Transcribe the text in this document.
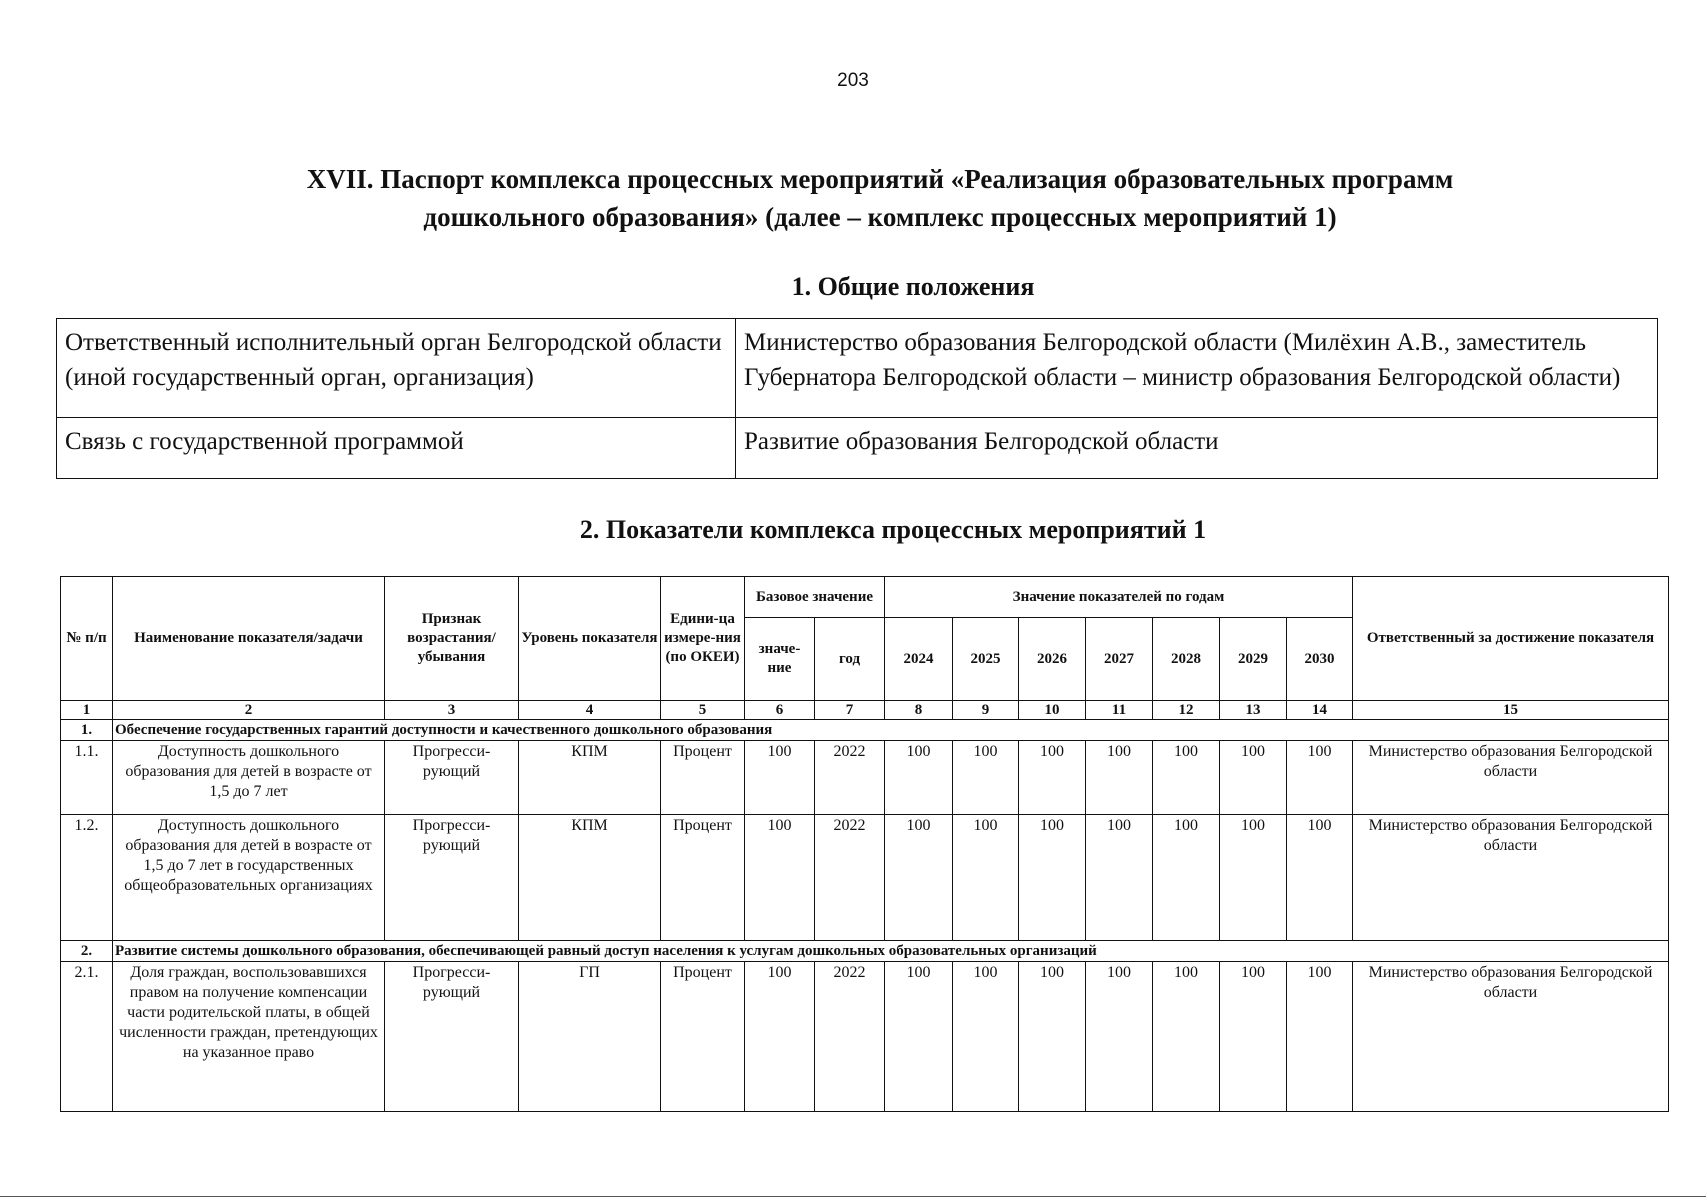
203
XVII. Паспорт комплекса процессных мероприятий «Реализация образовательных программ
дошкольного образования» (далее – комплекс процессных мероприятий 1)
1. Общие положения
Ответственный исполнительный орган Белгородской области (иной государственный орган, организация)	Министерство образования Белгородской области (Милёхин А.В., заместитель Губернатора Белгородской области – министр образования Белгородской области)
Связь с государственной программой	Развитие образования Белгородской области
2. Показатели комплекса процессных мероприятий 1
№ п/п	Наименование показателя/задачи	Признак возрастания/ убывания	Уровень показателя	Едини-ца измере-ния (по ОКЕИ)	Базовое значение		Значение показателей по годам							Ответственный за достижение показателя
					значе-ние	год	2024	2025	2026	2027	2028	2029	2030	
1	2	3	4	5	6	7	8	9	10	11	12	13	14	15
1.	Обеспечение государственных гарантий доступности и качественного дошкольного образования													
1.1.	Доступность дошкольного образования для детей в возрасте от 1,5 до 7 лет	Прогресси-рующий	КПМ	Процент	100	2022	100	100	100	100	100	100	100	Министерство образования Белгородской области
1.2.	Доступность дошкольного образования для детей в возрасте от 1,5 до 7 лет в государственных общеобразовательных организациях	Прогресси-рующий	КПМ	Процент	100	2022	100	100	100	100	100	100	100	Министерство образования Белгородской области
2.	Развитие системы дошкольного образования, обеспечивающей равный доступ населения к услугам дошкольных образовательных организаций													
2.1.	Доля граждан, воспользовавшихся правом на получение компенсации части родительской платы, в общей численности граждан, претендующих на указанное право	Прогресси-рующий	ГП	Процент	100	2022	100	100	100	100	100	100	100	Министерство образования Белгородской области
